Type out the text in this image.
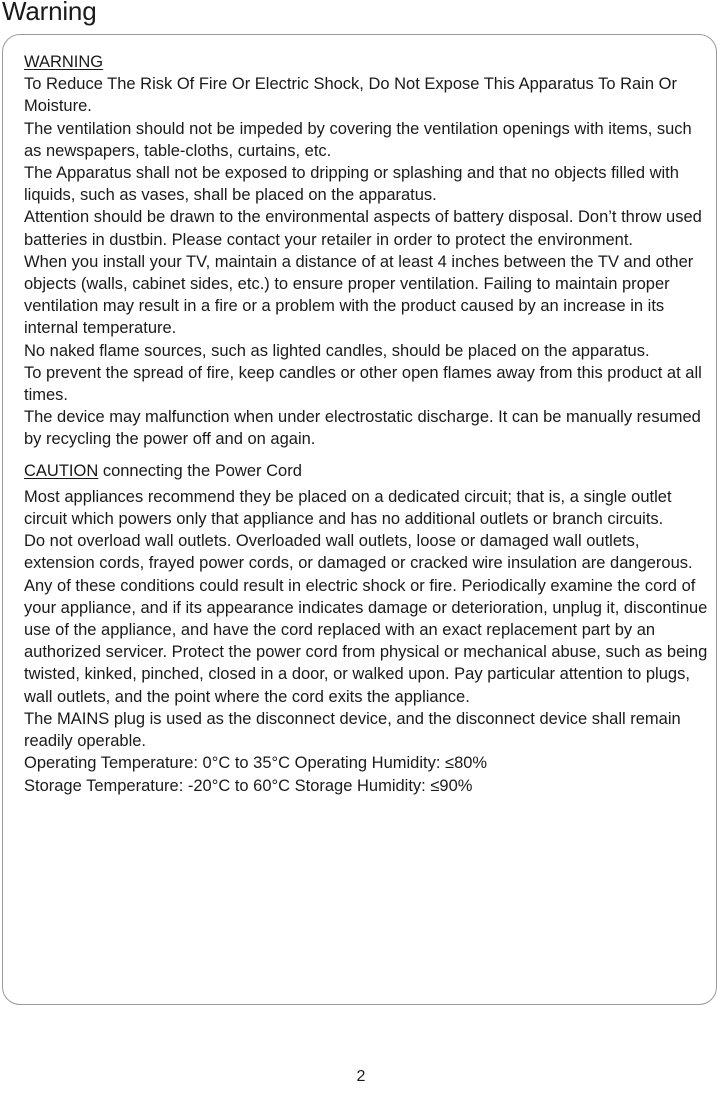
Warning
WARNING

To Reduce The Risk Of Fire Or Electric Shock, Do Not Expose This Apparatus To Rain Or Moisture.

The ventilation should not be impeded by covering the ventilation openings with items, such as newspapers, table-cloths, curtains, etc.

The Apparatus shall not be exposed to dripping or splashing and that no objects filled with liquids, such as vases, shall be placed on the apparatus.

Attention should be drawn to the environmental aspects of battery disposal. Don’t throw used batteries in dustbin. Please contact your retailer in order to protect the environment.

When you install your TV, maintain a distance of at least 4 inches between the TV and other objects (walls, cabinet sides, etc.) to ensure proper ventilation. Failing to maintain proper ventilation may result in a fire or a problem with the product caused by an increase in its internal temperature.

No naked flame sources, such as lighted candles, should be placed on the apparatus.

To prevent the spread of fire, keep candles or other open flames away from this product at all times.

The device may malfunction when under electrostatic discharge. It can be manually resumed by recycling the power off and on again.

CAUTION connecting the Power Cord

Most appliances recommend they be placed on a dedicated circuit; that is, a single outlet circuit which powers only that appliance and has no additional outlets or branch circuits.

Do not overload wall outlets. Overloaded wall outlets, loose or damaged wall outlets, extension cords, frayed power cords, or damaged or cracked wire insulation are dangerous. Any of these conditions could result in electric shock or fire. Periodically examine the cord of your appliance, and if its appearance indicates damage or deterioration, unplug it, discontinue use of the appliance, and have the cord replaced with an exact replacement part by an authorized servicer. Protect the power cord from physical or mechanical abuse, such as being twisted, kinked, pinched, closed in a door, or walked upon. Pay particular attention to plugs, wall outlets, and the point where the cord exits the appliance.

The MAINS plug is used as the disconnect device, and the disconnect device shall remain readily operable.

Operating Temperature: 0°C to 35°C Operating Humidity: ≤80%

Storage Temperature: -20°C to 60°C Storage Humidity: ≤90%

2
